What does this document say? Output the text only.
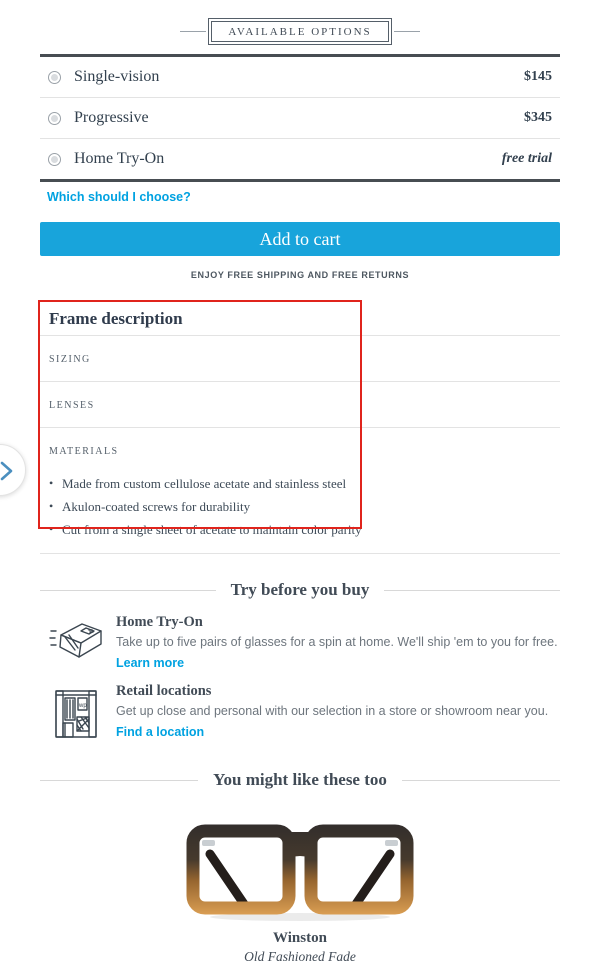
AVAILABLE OPTIONS
Single-vision	$145
Progressive	$345
Home Try-On	free trial
Which should I choose?
Add to cart
ENJOY FREE SHIPPING AND FREE RETURNS
Frame description
SIZING
LENSES
MATERIALS
• Made from custom cellulose acetate and stainless steel
• Akulon-coated screws for durability
• Cut from a single sheet of acetate to maintain color parity
Try before you buy
Home Try-On
Take up to five pairs of glasses for a spin at home. We'll ship 'em to you for free.
Learn more
wp
Retail locations
Get up close and personal with our selection in a store or showroom near you.
Find a location
You might like these too
Winston
Old Fashioned Fade
